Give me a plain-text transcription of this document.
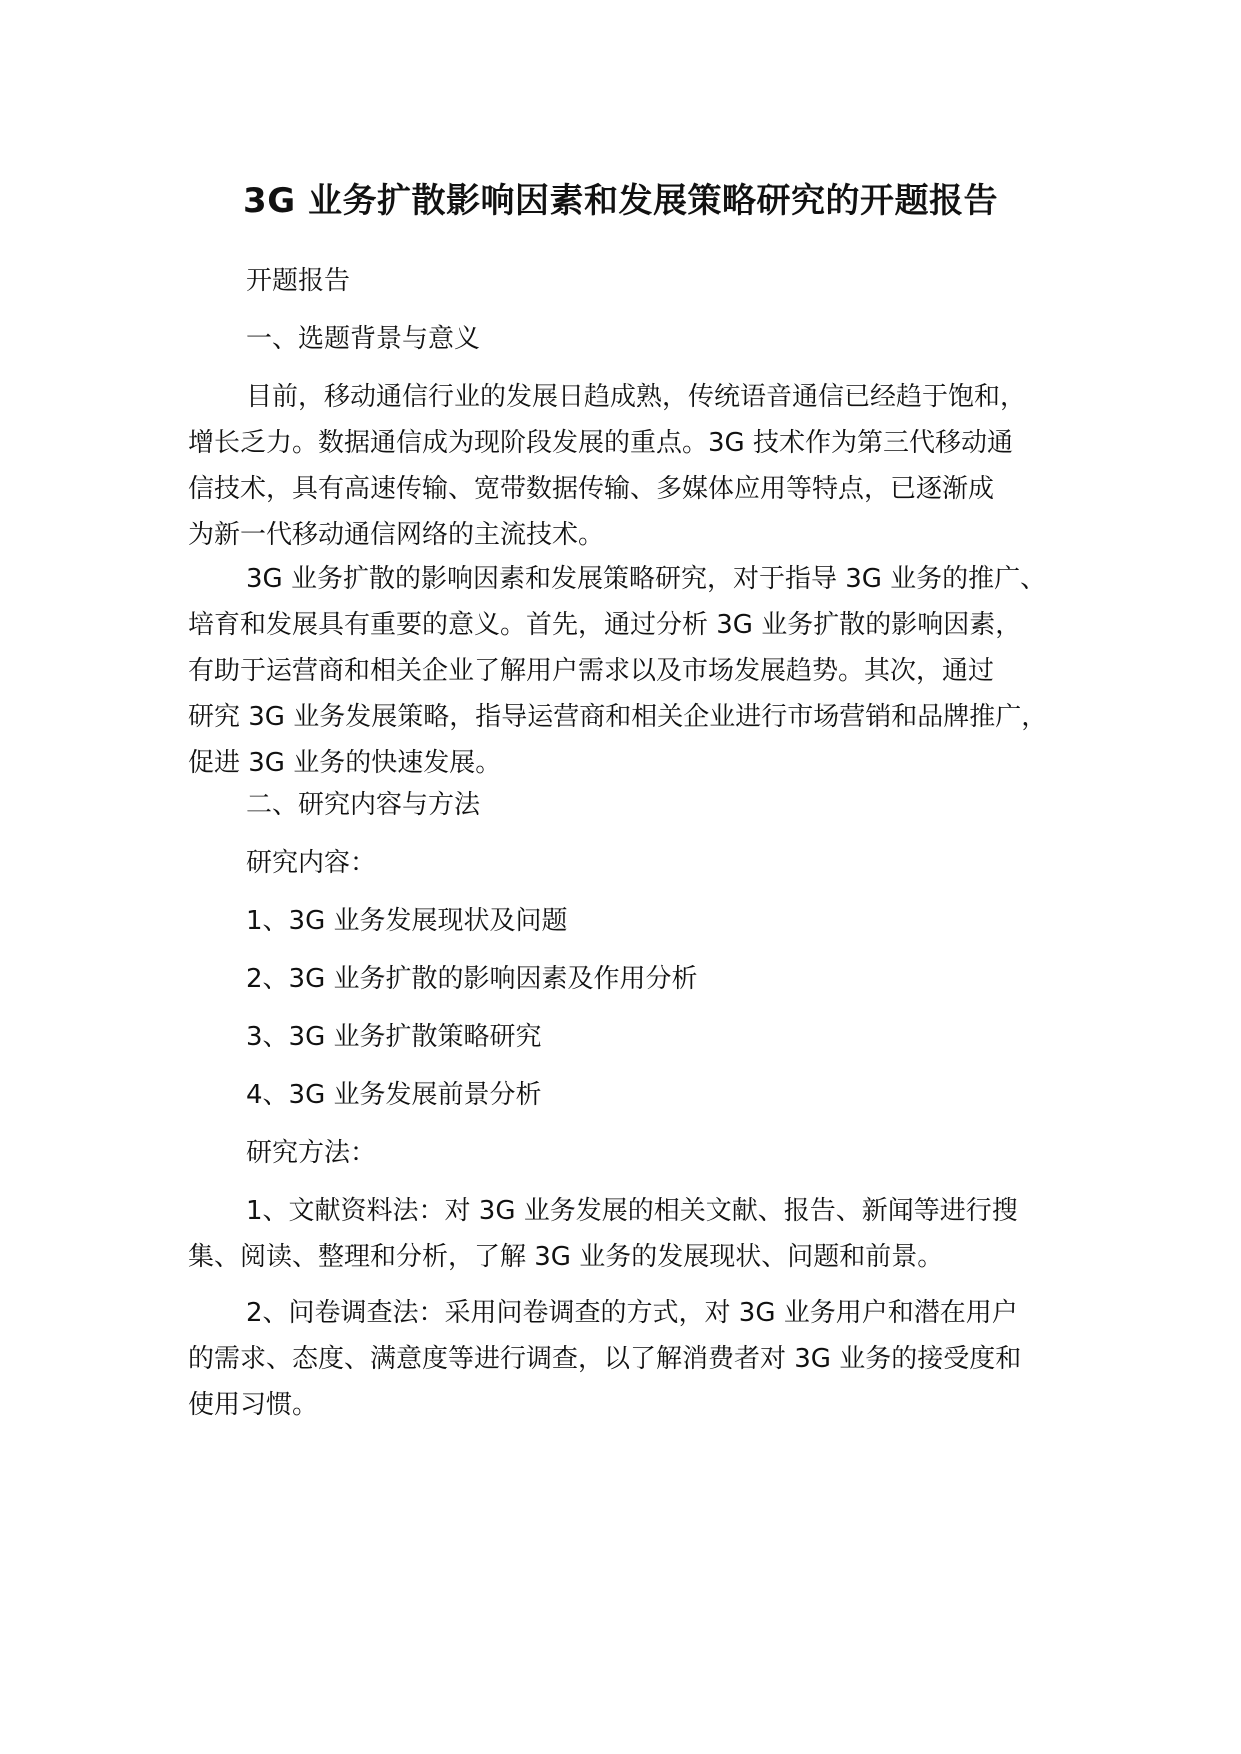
3G 业务扩散影响因素和发展策略研究的开题报告
开题报告
一、选题背景与意义
目前，移动通信行业的发展日趋成熟，传统语音通信已经趋于饱和，
增长乏力。数据通信成为现阶段发展的重点。3G 技术作为第三代移动通
信技术，具有高速传输、宽带数据传输、多媒体应用等特点，已逐渐成
为新一代移动通信网络的主流技术。
3G 业务扩散的影响因素和发展策略研究，对于指导 3G 业务的推广、
培育和发展具有重要的意义。首先，通过分析 3G 业务扩散的影响因素，
有助于运营商和相关企业了解用户需求以及市场发展趋势。其次，通过
研究 3G 业务发展策略，指导运营商和相关企业进行市场营销和品牌推广，
促进 3G 业务的快速发展。
二、研究内容与方法
研究内容：
1、3G 业务发展现状及问题
2、3G 业务扩散的影响因素及作用分析
3、3G 业务扩散策略研究
4、3G 业务发展前景分析
研究方法：
1、文献资料法：对 3G 业务发展的相关文献、报告、新闻等进行搜
集、阅读、整理和分析，了解 3G 业务的发展现状、问题和前景。
2、问卷调查法：采用问卷调查的方式，对 3G 业务用户和潜在用户
的需求、态度、满意度等进行调查，以了解消费者对 3G 业务的接受度和
使用习惯。
